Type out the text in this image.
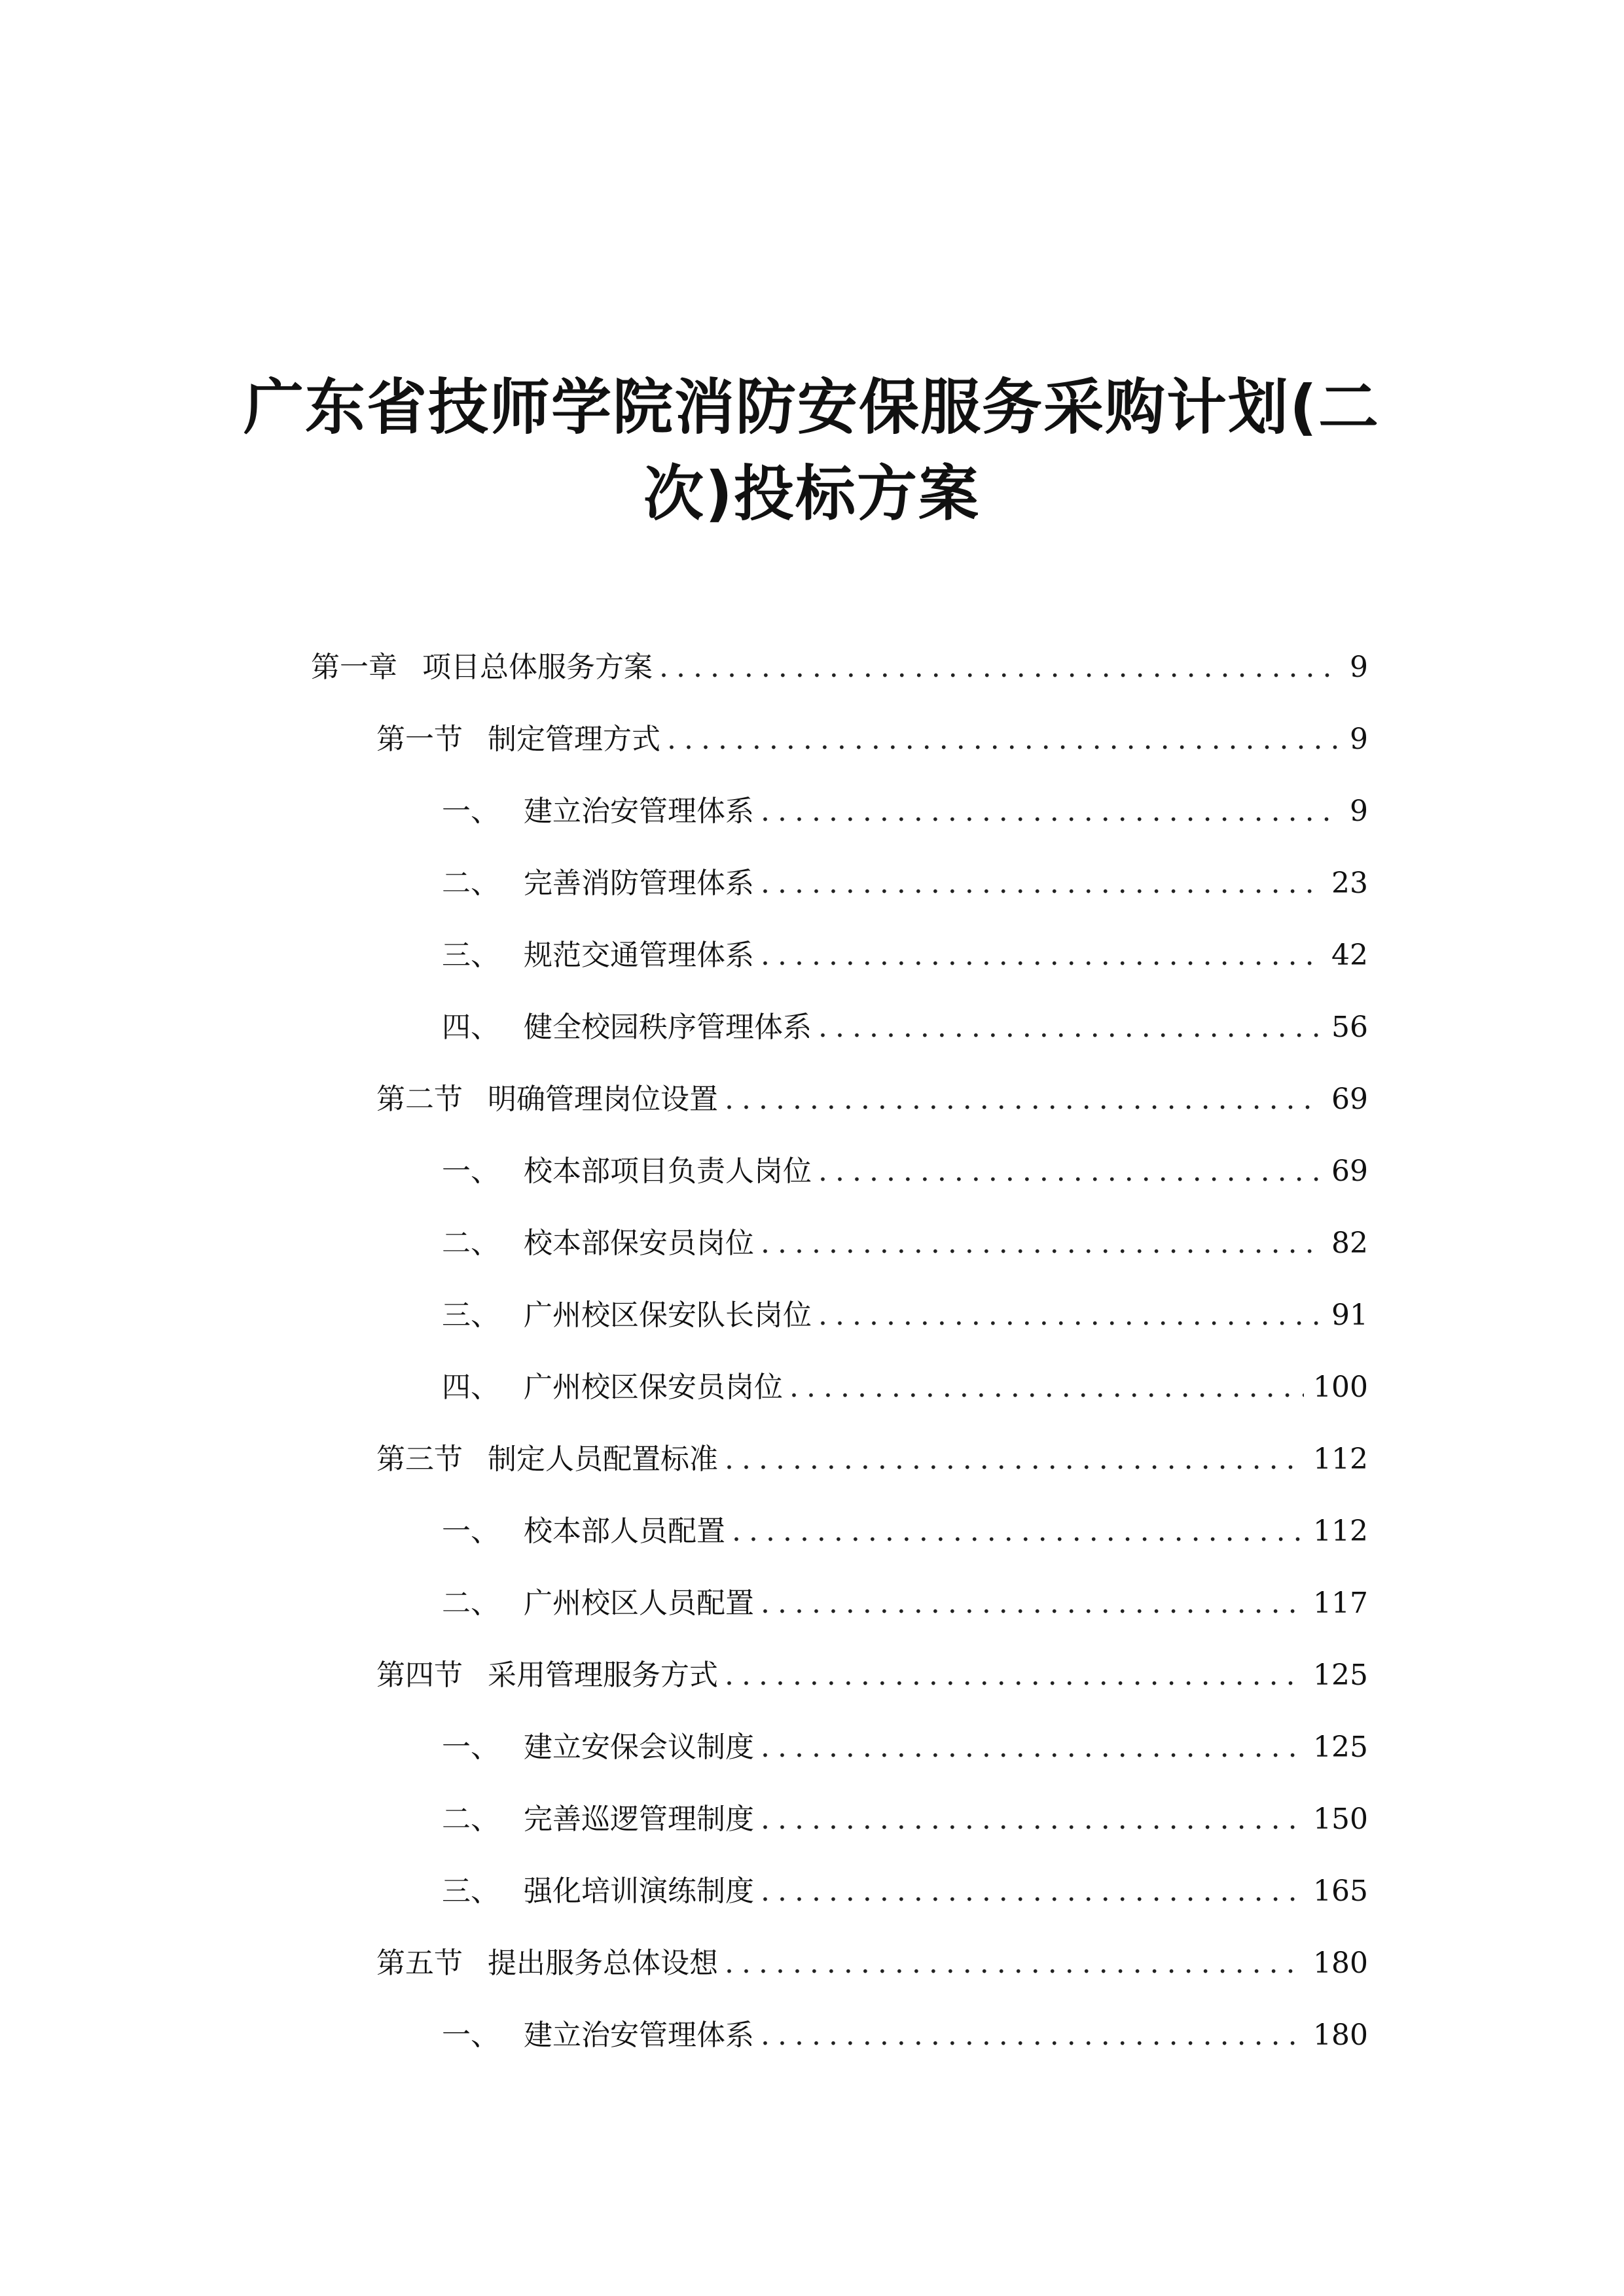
广东省技师学院消防安保服务采购计划(二
次)投标方案
第一章 项目总体服务方案 .....	9
第一节 制定管理方式 .....	9
一、 建立治安管理体系 .....	9
二、 完善消防管理体系 .....	23
三、 规范交通管理体系 .....	42
四、 健全校园秩序管理体系 .....	56
第二节 明确管理岗位设置 .....	69
一、 校本部项目负责人岗位 .....	69
二、 校本部保安员岗位 .....	82
三、 广州校区保安队长岗位 .....	91
四、 广州校区保安员岗位 .....	100
第三节 制定人员配置标准 .....	112
一、 校本部人员配置 .....	112
二、 广州校区人员配置 .....	117
第四节 采用管理服务方式 .....	125
一、 建立安保会议制度 .....	125
二、 完善巡逻管理制度 .....	150
三、 强化培训演练制度 .....	165
第五节 提出服务总体设想 .....	180
一、 建立治安管理体系 .....	180
